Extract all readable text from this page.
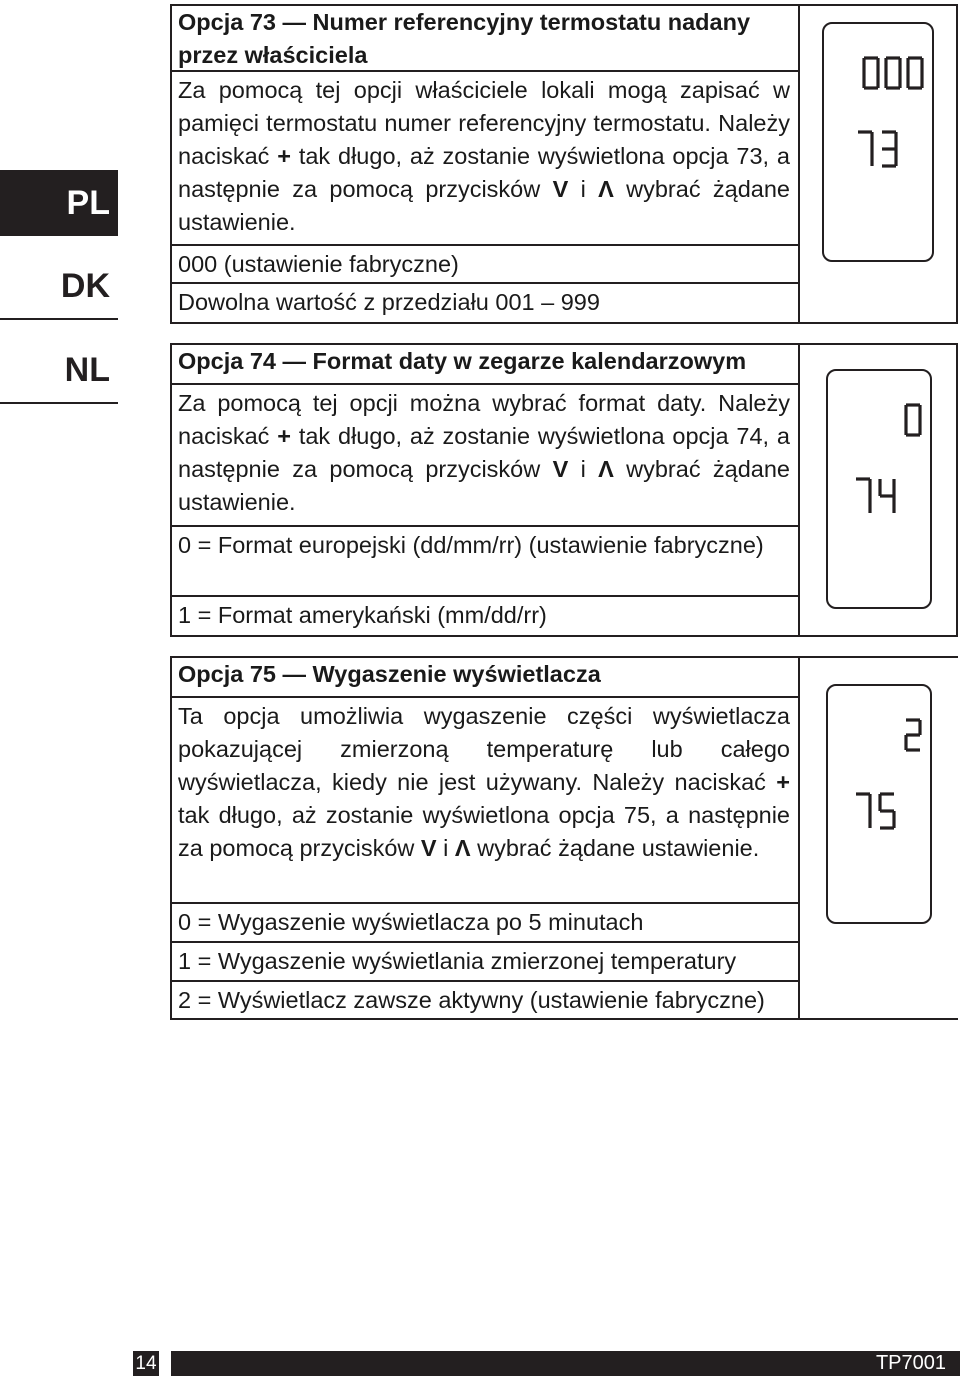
PL
DK
NL
Opcja 73 — Numer referencyjny termostatu nadany przez właściciela
Za pomocą tej opcji właściciele lokali mogą zapisać w pamięci termostatu numer referencyjny termostatu. Należy naciskać + tak długo, aż zostanie wyświetlona opcja 73, a następnie za pomocą przycisków V i Λ wybrać żądane ustawienie.
000 (ustawienie fabryczne)
Dowolna wartość z przedziału 001 – 999
Opcja 74 — Format daty w zegarze kalendarzowym
Za pomocą tej opcji można wybrać format daty. Należy naciskać + tak długo, aż zostanie wyświetlona opcja 74, a następnie za pomocą przycisków V i Λ wybrać żądane ustawienie.
0 = Format europejski (dd/mm/rr) (ustawienie fabryczne)
1 = Format amerykański (mm/dd/rr)
Opcja 75 — Wygaszenie wyświetlacza
Ta opcja umożliwia wygaszenie części wyświetlacza pokazującej zmierzoną temperaturę lub całego wyświetlacza, kiedy nie jest używany. Należy naciskać + tak długo, aż zostanie wyświetlona opcja 75, a następnie za pomocą przycisków V i Λ wybrać żądane ustawienie.
0 = Wygaszenie wyświetlacza po 5 minutach
1 = Wygaszenie wyświetlania zmierzonej temperatury
2 = Wyświetlacz zawsze aktywny (ustawienie fabryczne)
14	TP7001
